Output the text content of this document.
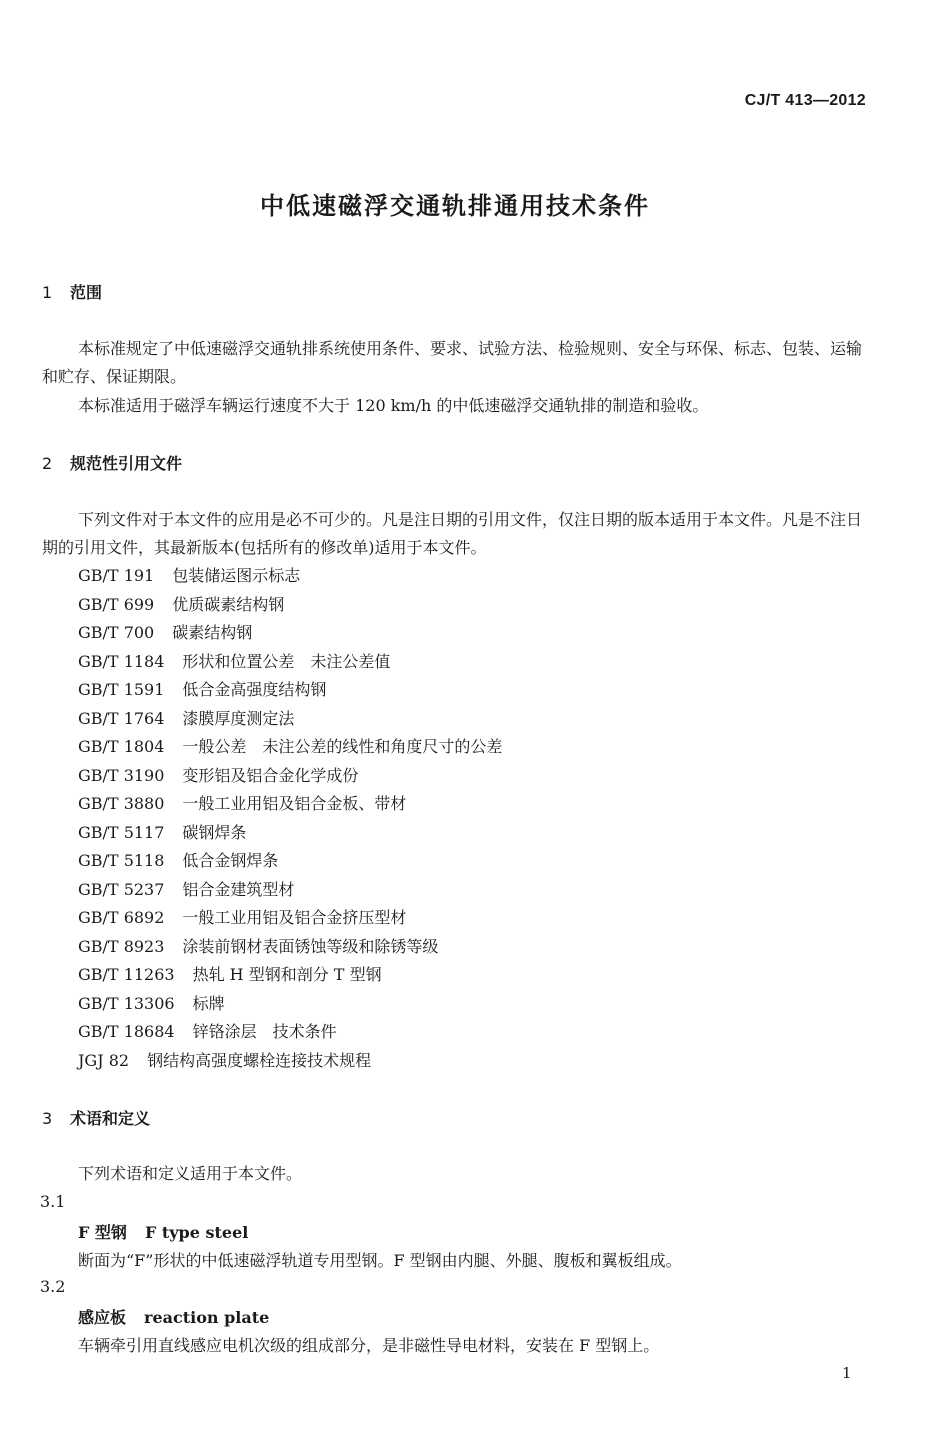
CJ/T 413—2012
中低速磁浮交通轨排通用技术条件
1 范围
本标准规定了中低速磁浮交通轨排系统使用条件、要求、试验方法、检验规则、安全与环保、标志、包装、运输和贮存、保证期限。
本标准适用于磁浮车辆运行速度不大于 120 km/h 的中低速磁浮交通轨排的制造和验收。
2 规范性引用文件
下列文件对于本文件的应用是必不可少的。凡是注日期的引用文件，仅注日期的版本适用于本文件。凡是不注日期的引用文件，其最新版本(包括所有的修改单)适用于本文件。
GB/T 191 包装储运图示标志
GB/T 699 优质碳素结构钢
GB/T 700 碳素结构钢
GB/T 1184 形状和位置公差　未注公差值
GB/T 1591 低合金高强度结构钢
GB/T 1764 漆膜厚度测定法
GB/T 1804 一般公差　未注公差的线性和角度尺寸的公差
GB/T 3190 变形铝及铝合金化学成份
GB/T 3880 一般工业用铝及铝合金板、带材
GB/T 5117 碳钢焊条
GB/T 5118 低合金钢焊条
GB/T 5237 铝合金建筑型材
GB/T 6892 一般工业用铝及铝合金挤压型材
GB/T 8923 涂装前钢材表面锈蚀等级和除锈等级
GB/T 11263 热轧 H 型钢和剖分 T 型钢
GB/T 13306 标牌
GB/T 18684 锌铬涂层　技术条件
JGJ 82 钢结构高强度螺栓连接技术规程
3 术语和定义
下列术语和定义适用于本文件。
3.1
F 型钢 F type steel
断面为“F”形状的中低速磁浮轨道专用型钢。F 型钢由内腿、外腿、腹板和翼板组成。
3.2
感应板 reaction plate
车辆牵引用直线感应电机次级的组成部分，是非磁性导电材料，安装在 F 型钢上。
1
